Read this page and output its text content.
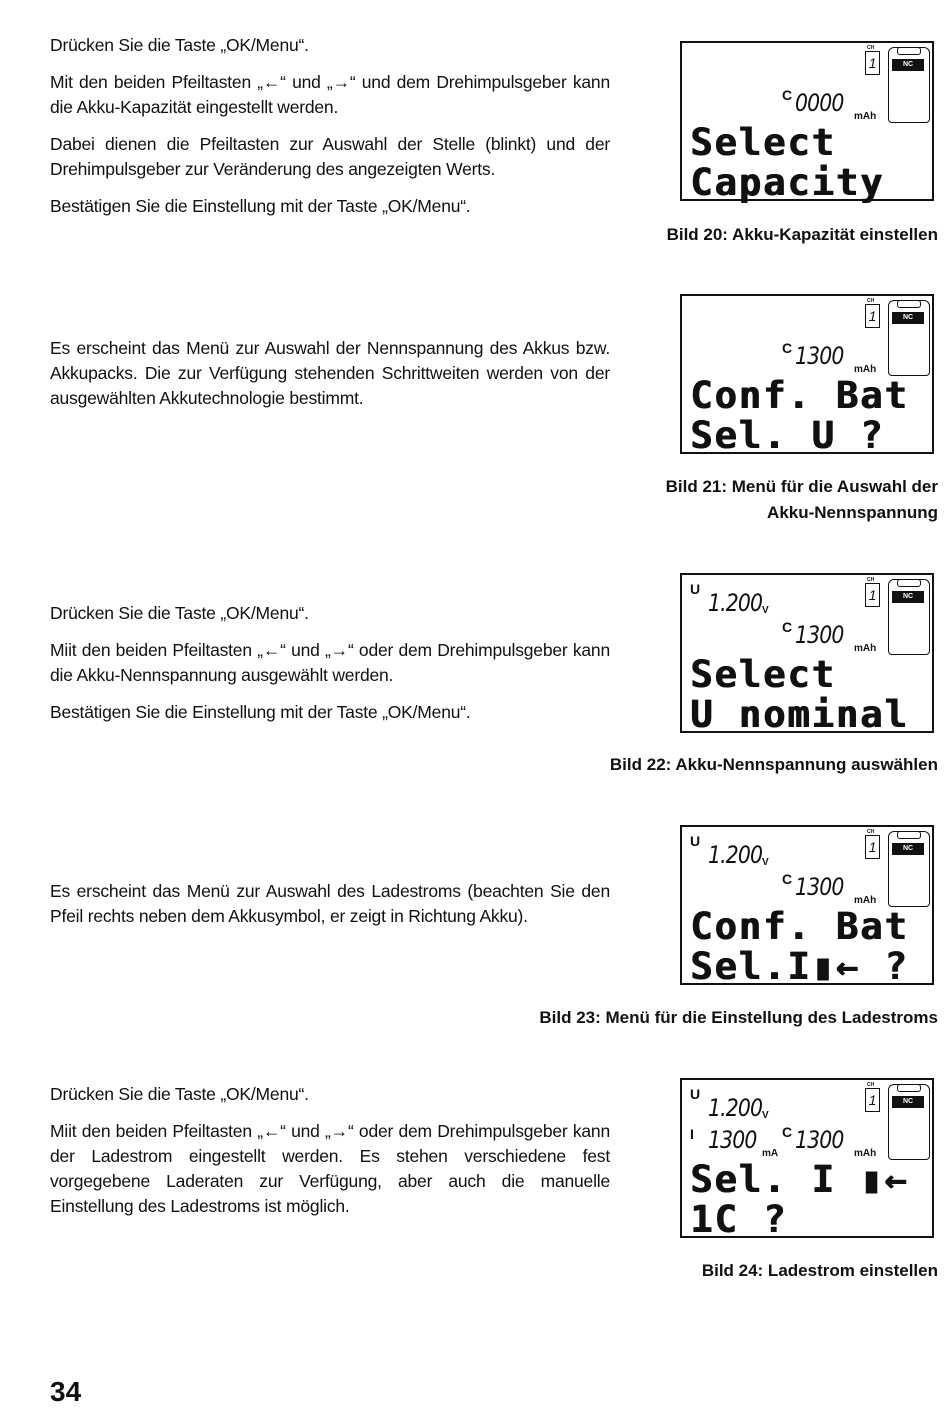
Drücken Sie die Taste „OK/Menu“.

Mit den beiden Pfeiltasten „←“ und „→“ und dem Drehimpulsgeber kann die Akku-Kapazität eingestellt werden.

Dabei dienen die Pfeiltasten zur Auswahl der Stelle (blinkt) und der Drehimpulsgeber zur Veränderung des angezeigten Werts.

Bestätigen Sie die Einstellung mit der Taste „OK/Menu“.

C 0000 mAh
CH
1	NC
Select
Capacity
Bild 20: Akku-Kapazität einstellen

Es erscheint das Menü zur Auswahl der Nennspannung des Akkus bzw. Akkupacks. Die zur Verfügung stehenden Schrittweiten werden von der ausgewählten Akkutechnologie bestimmt.

C 1300 mAh
CH
1	NC
Conf. Bat
Sel. U ?
Bild 21: Menü für die Auswahl der
Akku-Nennspannung

Drücken Sie die Taste „OK/Menu“.

Miit den beiden Pfeiltasten „←“ und „→“ oder dem Drehimpulsgeber kann die Akku-Nennspannung ausgewählt werden.

Bestätigen Sie die Einstellung mit der Taste „OK/Menu“.

U 1.200 V
C 1300 mAh
CH
1	NC
Select
U nominal
Bild 22: Akku-Nennspannung auswählen

Es erscheint das Menü zur Auswahl des Ladestroms (beachten Sie den Pfeil rechts neben dem Akkusymbol, er zeigt in Richtung Akku).

U 1.200 V
C 1300 mAh
CH
1	NC
Conf. Bat
Sel.I▮← ?
Bild 23: Menü für die Einstellung des Ladestroms

Drücken Sie die Taste „OK/Menu“.

Miit den beiden Pfeiltasten „←“ und „→“ oder dem Drehimpulsgeber kann der Ladestrom eingestellt werden. Es stehen verschiedene fest vorgegebene Laderaten zur Verfügung, aber auch die manuelle Einstellung des Ladestroms ist möglich.

U 1.200 V
I 1300 mA
C 1300 mAh
CH
1	NC
Sel. I ▮←
1C ?
Bild 24: Ladestrom einstellen
34
